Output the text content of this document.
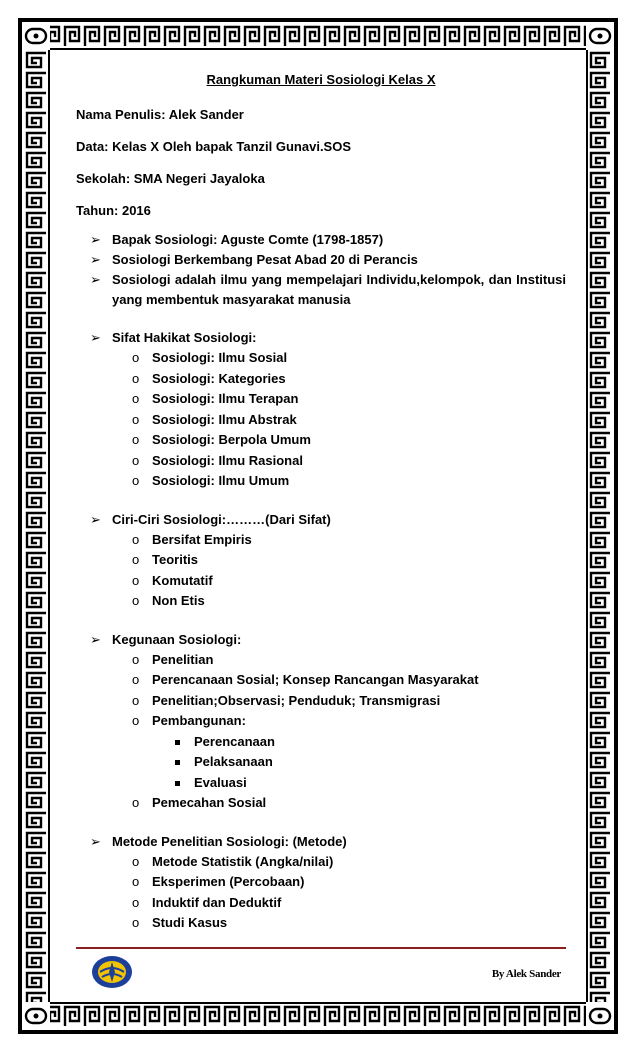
Rangkuman Materi Sosiologi Kelas X
Nama Penulis: Alek Sander
Data: Kelas X Oleh bapak Tanzil Gunavi.SOS
Sekolah: SMA Negeri Jayaloka
Tahun: 2016
➢ Bapak Sosiologi: Aguste Comte (1798-1857)
➢ Sosiologi Berkembang Pesat Abad 20 di Perancis
➢ Sosiologi adalah ilmu yang mempelajari Individu,kelompok, dan Institusi yang membentuk masyarakat manusia
➢ Sifat Hakikat Sosiologi:
o Sosiologi: Ilmu Sosial
o Sosiologi: Kategories
o Sosiologi: Ilmu Terapan
o Sosiologi: Ilmu Abstrak
o Sosiologi: Berpola Umum
o Sosiologi: Ilmu Rasional
o Sosiologi: Ilmu Umum
➢ Ciri-Ciri Sosiologi:………(Dari Sifat)
o Bersifat Empiris
o Teoritis
o Komutatif
o Non Etis
➢ Kegunaan Sosiologi:
o Penelitian
o Perencanaan Sosial; Konsep Rancangan Masyarakat
o Penelitian;Observasi; Penduduk; Transmigrasi
o Pembangunan:
Perencanaan
Pelaksanaan
Evaluasi
o Pemecahan Sosial
➢ Metode Penelitian Sosiologi: (Metode)
o Metode Statistik (Angka/nilai)
o Eksperimen (Percobaan)
o Induktif dan Deduktif
o Studi Kasus
By Alek Sander
